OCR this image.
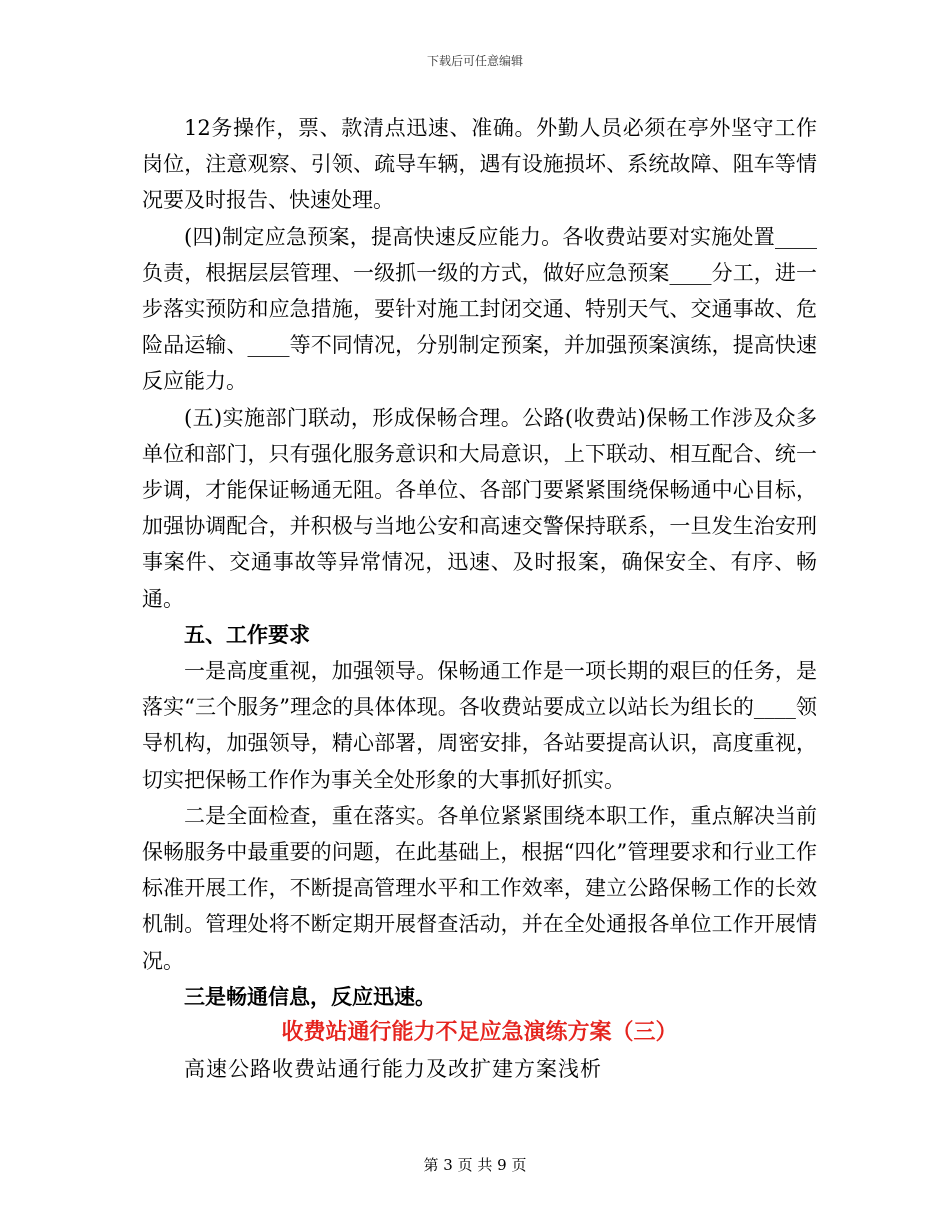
下载后可任意编辑

12务操作，票、款清点迅速、准确。外勤人员必须在亭外坚守工作岗位，注意观察、引领、疏导车辆，遇有设施损坏、系统故障、阻车等情况要及时报告、快速处理。

(四)制定应急预案，提高快速反应能力。各收费站要对实施处置____负责，根据层层管理、一级抓一级的方式，做好应急预案____分工，进一步落实预防和应急措施，要针对施工封闭交通、特别天气、交通事故、危险品运输、____等不同情况，分别制定预案，并加强预案演练，提高快速反应能力。

(五)实施部门联动，形成保畅合理。公路(收费站)保畅工作涉及众多单位和部门，只有强化服务意识和大局意识，上下联动、相互配合、统一步调，才能保证畅通无阻。各单位、各部门要紧紧围绕保畅通中心目标，加强协调配合，并积极与当地公安和高速交警保持联系，一旦发生治安刑事案件、交通事故等异常情况，迅速、及时报案，确保安全、有序、畅通。

五、工作要求

一是高度重视，加强领导。保畅通工作是一项长期的艰巨的任务，是落实“三个服务”理念的具体体现。各收费站要成立以站长为组长的____领导机构，加强领导，精心部署，周密安排，各站要提高认识，高度重视，切实把保畅工作作为事关全处形象的大事抓好抓实。

二是全面检查，重在落实。各单位紧紧围绕本职工作，重点解决当前保畅服务中最重要的问题，在此基础上，根据“四化”管理要求和行业工作标准开展工作，不断提高管理水平和工作效率，建立公路保畅工作的长效机制。管理处将不断定期开展督查活动，并在全处通报各单位工作开展情况。

三是畅通信息，反应迅速。

收费站通行能力不足应急演练方案（三）

高速公路收费站通行能力及改扩建方案浅析

第 3 页 共 9 页
